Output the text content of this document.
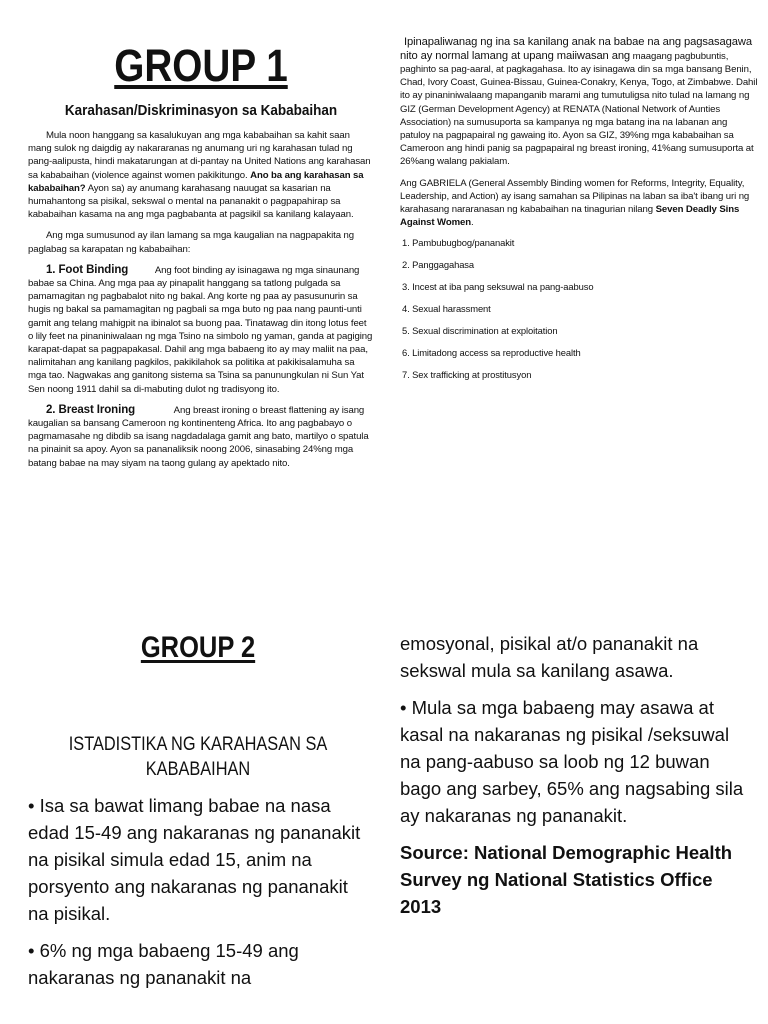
GROUP 1
Karahasan/Diskriminasyon sa Kababaihan

Mula noon hanggang sa kasalukuyan ang mga kababaihan sa kahit saan mang sulok ng daigdig ay nakararanas ng anumang uri ng karahasan tulad ng pang-aalipusta, hindi makatarungan at di-pantay na United Nations ang karahasan sa kababaihan (violence against women pakikitungo. Ano ba ang karahasan sa kababaihan? Ayon sa) ay anumang karahasang nauugat sa kasarian na humahantong sa pisikal, sekswal o mental na pananakit o pagpapahirap sa kababaihan kasama na ang mga pagbabanta at pagsikil sa kanilang kalayaan.

Ang mga sumusunod ay ilan lamang sa mga kaugalian na nagpapakita ng paglabag sa karapatan ng kababaihan:

1. Foot Binding	Ang foot binding ay isinagawa ng mga sinaunang babae sa China. Ang mga paa ay pinapalit hanggang sa tatlong pulgada sa pamamagitan ng pagbabalot nito ng bakal. Ang korte ng paa ay pasusunurin sa hugis ng bakal sa pamamagitan ng pagbali sa mga buto ng paa nang paunti-unti gamit ang telang mahigpit na ibinalot sa buong paa. Tinatawag din itong lotus feet o lily feet na pinaniniwalaan ng mga Tsino na simbolo ng yaman, ganda at pagiging karapat-dapat sa pagpapakasal. Dahil ang mga babaeng ito ay may maliit na paa, nalimitahan ang kanilang pagkilos, pakikilahok sa politika at pakikisalamuha sa mga tao. Nagwakas ang ganitong sistema sa Tsina sa panunungkulan ni Sun Yat Sen noong 1911 dahil sa di-mabuting dulot ng tradisyong ito.

2. Breast Ironing	Ang breast ironing o breast flattening ay isang kaugalian sa bansang Cameroon ng kontinenteng Africa. Ito ang pagbabayo o pagmamasahe ng dibdib sa isang nagdadalaga gamit ang bato, martilyo o spatula na pinainit sa apoy. Ayon sa pananaliksik noong 2006, sinasabing 24%ng mga batang babae na may siyam na taong gulang ay apektado nito.

Ipinapaliwanag ng ina sa kanilang anak na babae na ang pagsasagawa nito ay normal lamang at upang maiiwasan ang maagang pagbubuntis, paghinto sa pag-aaral, at pagkagahasa. Ito ay isinagawa din sa mga bansang Benin, Chad, Ivory Coast, Guinea-Bissau, Guinea-Conakry, Kenya, Togo, at Zimbabwe. Dahil ito ay pinaniniwalaang mapanganib marami ang tumutuligsa nito tulad na lamang ng GIZ (German Development Agency) at RENATA (National Network of Aunties Association) na sumusuporta sa kampanya ng mga batang ina na labanan ang patuloy na pagpapairal ng gawaing ito. Ayon sa GIZ, 39%ng mga kababaihan sa Cameroon ang hindi panig sa pagpapairal ng breast ironing, 41%ang sumusuporta at 26%ang walang pakialam.

Ang GABRIELA (General Assembly Binding women for Reforms, Integrity, Equality, Leadership, and Action) ay isang samahan sa Pilipinas na laban sa iba't ibang uri ng karahasang nararanasan ng kababaihan na tinagurian nilang Seven Deadly Sins Against Women.

1. Pambubugbog/pananakit
2. Panggagahasa
3. Incest at iba pang seksuwal na pang-aabuso
4. Sexual harassment
5. Sexual discrimination at exploitation
6. Limitadong access sa reproductive health
7. Sex trafficking at prostitusyon
GROUP 2
ISTADISTIKA NG KARAHASAN SA KABABAIHAN

• Isa sa bawat limang babae na nasa edad 15-49 ang nakaranas ng pananakit na pisikal simula edad 15, anim na porsyento ang nakaranas ng pananakit na pisikal.

• 6% ng mga babaeng 15-49 ang nakaranas ng pananakit na

emosyonal, pisikal at/o pananakit na sekswal mula sa kanilang asawa.

• Mula sa mga babaeng may asawa at kasal na nakaranas ng pisikal /seksuwal na pang-aabuso sa loob ng 12 buwan bago ang sarbey, 65% ang nagsabing sila ay nakaranas ng pananakit.

Source: National Demographic Health Survey ng National Statistics Office 2013
